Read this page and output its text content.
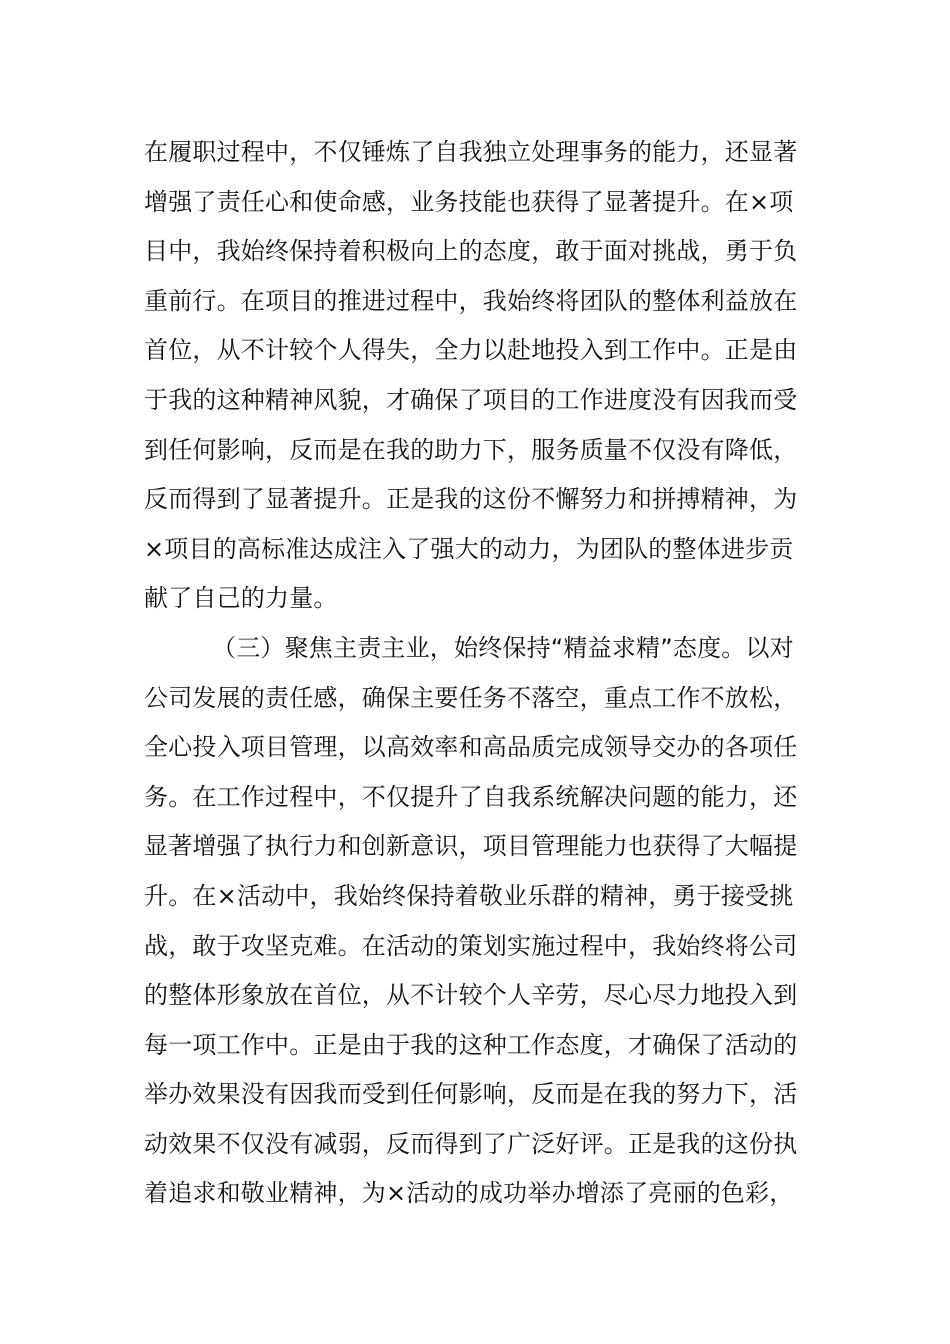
在履职过程中，不仅锤炼了自我独立处理事务的能力，还显著
增强了责任心和使命感，业务技能也获得了显著提升。在×项
目中，我始终保持着积极向上的态度，敢于面对挑战，勇于负
重前行。在项目的推进过程中，我始终将团队的整体利益放在
首位，从不计较个人得失，全力以赴地投入到工作中。正是由
于我的这种精神风貌，才确保了项目的工作进度没有因我而受
到任何影响，反而是在我的助力下，服务质量不仅没有降低，
反而得到了显著提升。正是我的这份不懈努力和拼搏精神，为
×项目的高标准达成注入了强大的动力，为团队的整体进步贡
献了自己的力量。
（三）聚焦主责主业，始终保持“精益求精”态度。以对
公司发展的责任感，确保主要任务不落空，重点工作不放松，
全心投入项目管理，以高效率和高品质完成领导交办的各项任
务。在工作过程中，不仅提升了自我系统解决问题的能力，还
显著增强了执行力和创新意识，项目管理能力也获得了大幅提
升。在×活动中，我始终保持着敬业乐群的精神，勇于接受挑
战，敢于攻坚克难。在活动的策划实施过程中，我始终将公司
的整体形象放在首位，从不计较个人辛劳，尽心尽力地投入到
每一项工作中。正是由于我的这种工作态度，才确保了活动的
举办效果没有因我而受到任何影响，反而是在我的努力下，活
动效果不仅没有减弱，反而得到了广泛好评。正是我的这份执
着追求和敬业精神，为×活动的成功举办增添了亮丽的色彩，
